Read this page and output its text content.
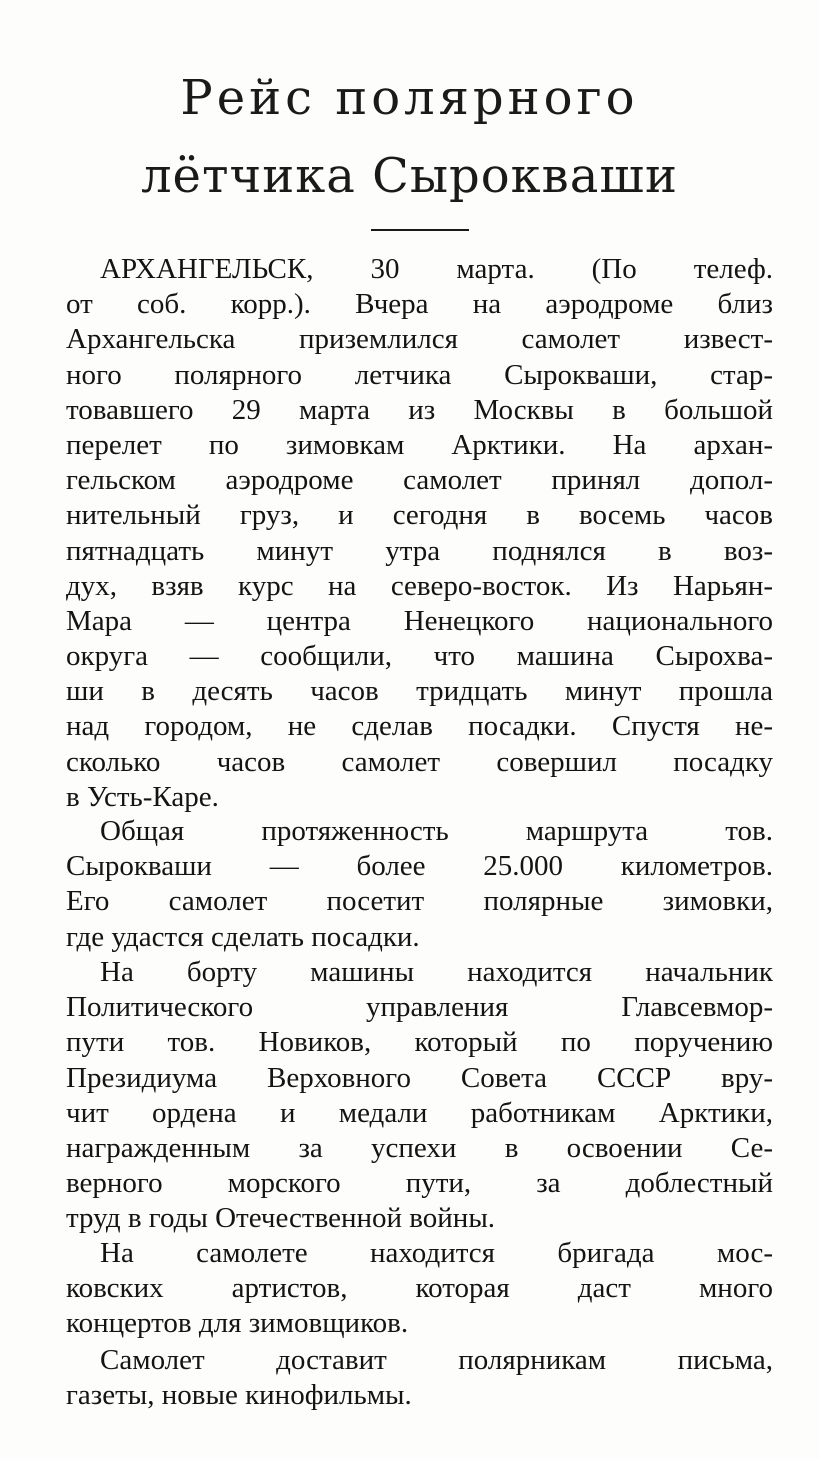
Рейс полярного
лётчика Сырокваши
АРХАНГЕЛЬСК, 30 марта. (По телеф.
от соб. корр.). Вчера на аэродроме близ
Архангельска приземлился самолет извест-
ного полярного летчика Сырокваши, стар-
товавшего 29 марта из Москвы в большой
перелет по зимовкам Арктики. На архан-
гельском аэродроме самолет принял допол-
нительный груз, и сегодня в восемь часов
пятнадцать минут утра поднялся в воз-
дух, взяв курс на северо-восток. Из Нарьян-
Мара — центра Ненецкого национального
округа — сообщили, что машина Сырохва-
ши в десять часов тридцать минут прошла
над городом, не сделав посадки. Спустя не-
сколько часов самолет совершил посадку
в Усть-Каре.
Общая протяженность маршрута тов.
Сырокваши — более 25.000 километров.
Его самолет посетит полярные зимовки,
где удастся сделать посадки.
На борту машины находится начальник
Политического управления Главсевмор-
пути тов. Новиков, который по поручению
Президиума Верховного Совета СССР вру-
чит ордена и медали работникам Арктики,
награжденным за успехи в освоении Се-
верного морского пути, за доблестный
труд в годы Отечественной войны.
На самолете находится бригада мос-
ковских артистов, которая даст много
концертов для зимовщиков.
Самолет доставит полярникам письма,
газеты, новые кинофильмы.
